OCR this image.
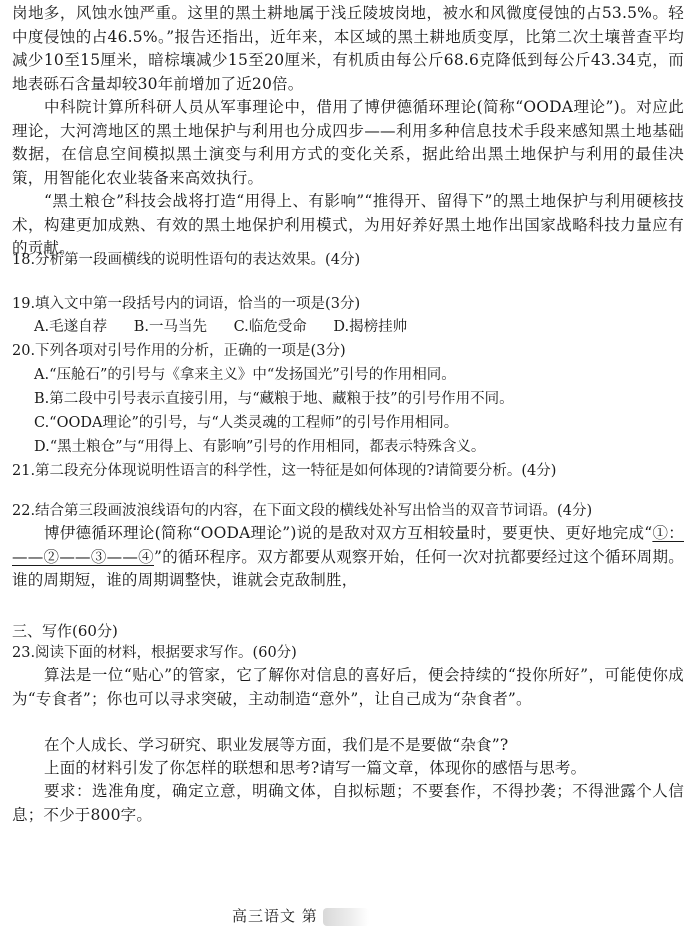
岗地多，风蚀水蚀严重。这里的黑土耕地属于浅丘陵坡岗地，被水和风微度侵蚀的占53.5%。轻中度侵蚀的占46.5%。”报告还指出，近年来，本区域的黑土耕地质变厚，比第二次土壤普查平均减少10至15厘米，暗棕壤减少15至20厘米，有机质由每公斤68.6克降低到每公斤43.34克，而地表砾石含量却较30年前增加了近20倍。
中科院计算所科研人员从军事理论中，借用了博伊德循环理论(简称“OODA理论”)。对应此理论，大河湾地区的黑土地保护与利用也分成四步——利用多种信息技术手段来感知黑土地基础数据，在信息空间模拟黑土演变与利用方式的变化关系，据此给出黑土地保护与利用的最佳决策，用智能化农业装备来高效执行。
“黑土粮仓”科技会战将打造“用得上、有影响”“推得开、留得下”的黑土地保护与利用硬核技术，构建更加成熟、有效的黑土地保护利用模式，为用好养好黑土地作出国家战略科技力量应有的贡献。
18.分析第一段画横线的说明性语句的表达效果。(4分)
19.填入文中第一段括号内的词语，恰当的一项是(3分)
A.毛遂自荐 B.一马当先 C.临危受命 D.揭榜挂帅
20.下列各项对引号作用的分析，正确的一项是(3分)
A.“压舱石”的引号与《拿来主义》中“发扬国光”引号的作用相同。
B.第二段中引号表示直接引用，与“藏粮于地、藏粮于技”的引号作用不同。
C.“OODA理论”的引号，与“人类灵魂的工程师”的引号作用相同。
D.“黑土粮仓”与“用得上、有影响”引号的作用相同，都表示特殊含义。
21.第二段充分体现说明性语言的科学性，这一特征是如何体现的?请简要分析。(4分)
22.结合第三段画波浪线语句的内容，在下面文段的横线处补写出恰当的双音节词语。(4分)
博伊德循环理论(简称“OODA理论”)说的是敌对双方互相较量时，要更快、更好地完成“①：——②——③——④”的循环程序。双方都要从观察开始，任何一次对抗都要经过这个循环周期。谁的周期短，谁的周期调整快，谁就会克敌制胜，
三、写作(60分)
23.阅读下面的材料，根据要求写作。(60分)
算法是一位“贴心”的管家，它了解你对信息的喜好后，便会持续的“投你所好”，可能使你成为“专食者”；你也可以寻求突破，主动制造“意外”，让自己成为“杂食者”。
在个人成长、学习研究、职业发展等方面，我们是不是要做“杂食”?
上面的材料引发了你怎样的联想和思考?请写一篇文章，体现你的感悟与思考。
要求：选准角度，确定立意，明确文体，自拟标题；不要套作，不得抄袭；不得泄露个人信息；不少于800字。
高三语文 第
